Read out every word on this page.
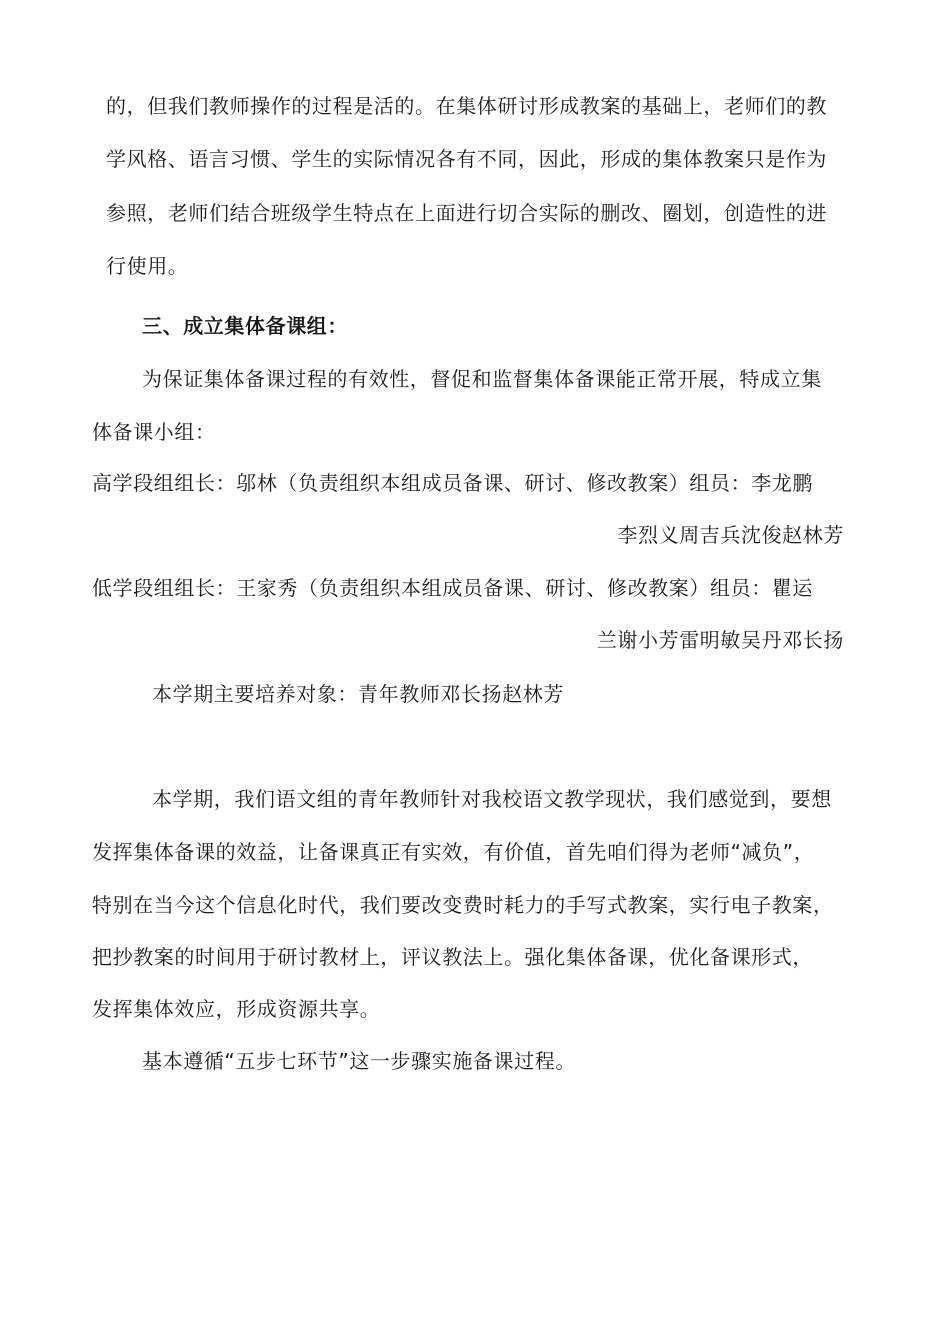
的，但我们教师操作的过程是活的。在集体研讨形成教案的基础上，老师们的教
学风格、语言习惯、学生的实际情况各有不同，因此，形成的集体教案只是作为
参照，老师们结合班级学生特点在上面进行切合实际的删改、圈划，创造性的进
行使用。
三、成立集体备课组：
为保证集体备课过程的有效性，督促和监督集体备课能正常开展，特成立集
体备课小组：
高学段组组长：邬林（负责组织本组成员备课、研讨、修改教案）组员：李龙鹏
李烈义周吉兵沈俊赵林芳
低学段组组长：王家秀（负责组织本组成员备课、研讨、修改教案）组员：瞿运
兰谢小芳雷明敏吴丹邓长扬
本学期主要培养对象：青年教师邓长扬赵林芳
本学期，我们语文组的青年教师针对我校语文教学现状，我们感觉到，要想
发挥集体备课的效益，让备课真正有实效，有价值，首先咱们得为老师“减负”，
特别在当今这个信息化时代，我们要改变费时耗力的手写式教案，实行电子教案，
把抄教案的时间用于研讨教材上，评议教法上。强化集体备课，优化备课形式，
发挥集体效应，形成资源共享。
基本遵循“五步七环节”这一步骤实施备课过程。
